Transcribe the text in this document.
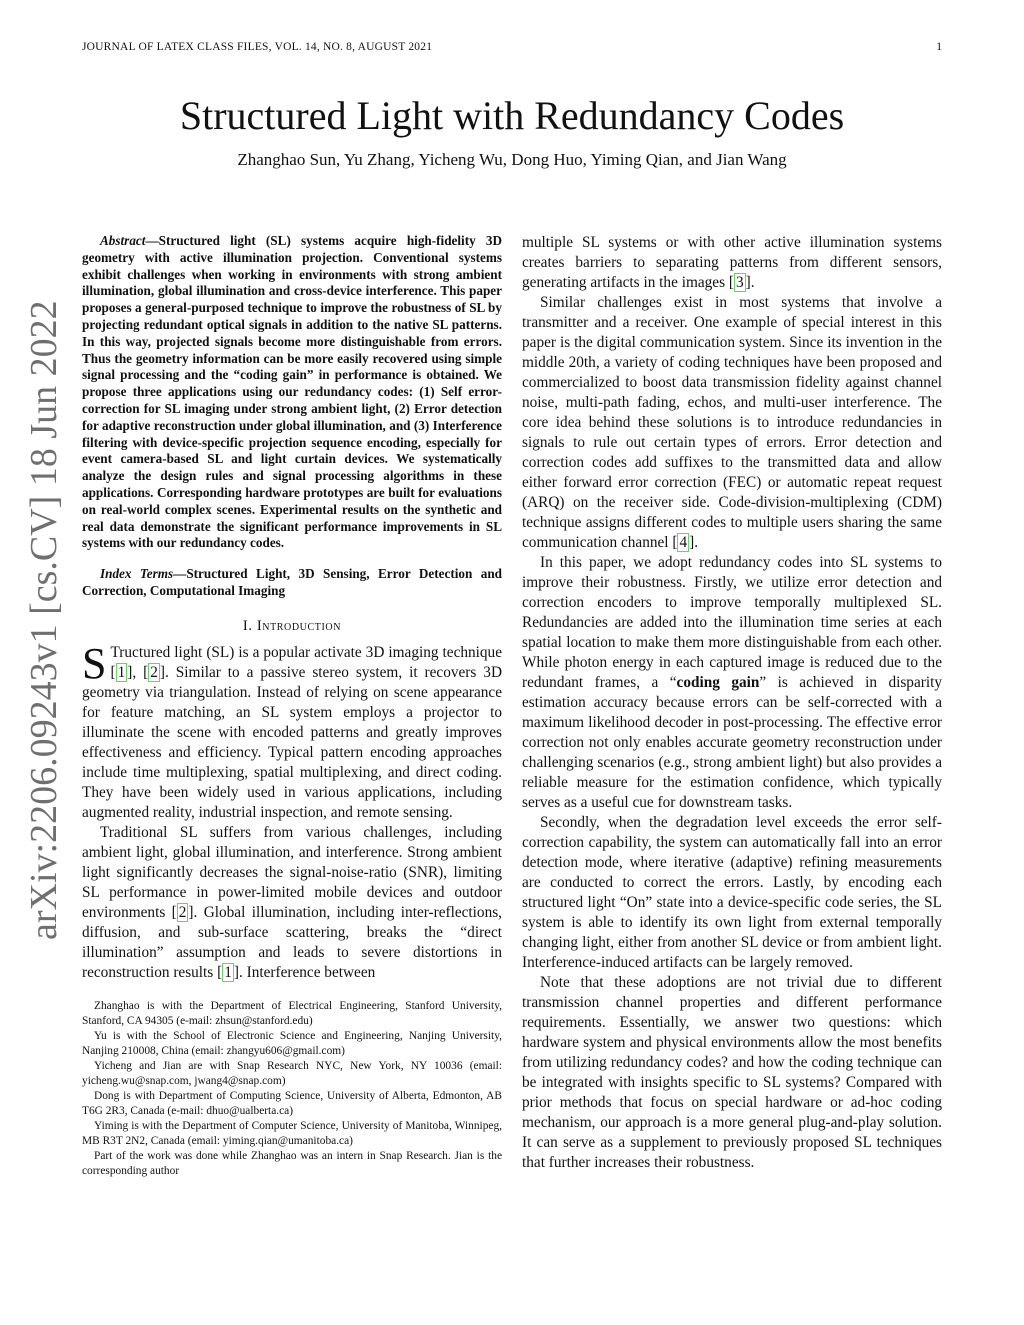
JOURNAL OF LATEX CLASS FILES, VOL. 14, NO. 8, AUGUST 2021	1
Structured Light with Redundancy Codes
Zhanghao Sun, Yu Zhang, Yicheng Wu, Dong Huo, Yiming Qian, and Jian Wang
arXiv:2206.09243v1 [cs.CV] 18 Jun 2022

Abstract—Structured light (SL) systems acquire high-fidelity 3D geometry with active illumination projection. Conventional systems exhibit challenges when working in environments with strong ambient illumination, global illumination and cross-device interference. This paper proposes a general-purposed technique to improve the robustness of SL by projecting redundant optical signals in addition to the native SL patterns. In this way, projected signals become more distinguishable from errors. Thus the geometry information can be more easily recovered using simple signal processing and the “coding gain” in performance is obtained. We propose three applications using our redundancy codes: (1) Self error-correction for SL imaging under strong ambient light, (2) Error detection for adaptive reconstruction under global illumination, and (3) Interference filtering with device-specific projection sequence encoding, especially for event camera-based SL and light curtain devices. We systematically analyze the design rules and signal processing algorithms in these applications. Corresponding hardware prototypes are built for evaluations on real-world complex scenes. Experimental results on the synthetic and real data demonstrate the significant performance improvements in SL systems with our redundancy codes.

Index Terms—Structured Light, 3D Sensing, Error Detection and Correction, Computational Imaging

I. Introduction

S Tructured light (SL) is a popular activate 3D imaging technique [ 1 ], [ 2 ]. Similar to a passive stereo system, it recovers 3D geometry via triangulation. Instead of relying on scene appearance for feature matching, an SL system employs a projector to illuminate the scene with encoded patterns and greatly improves effectiveness and efficiency. Typical pattern encoding approaches include time multiplexing, spatial multiplexing, and direct coding. They have been widely used in various applications, including augmented reality, industrial inspection, and remote sensing.

Traditional SL suffers from various challenges, including ambient light, global illumination, and interference. Strong ambient light significantly decreases the signal-noise-ratio (SNR), limiting SL performance in power-limited mobile devices and outdoor environments [ 2 ]. Global illumination, including inter-reflections, diffusion, and sub-surface scattering, breaks the “direct illumination” assumption and leads to severe distortions in reconstruction results [ 1 ]. Interference between

Zhanghao is with the Department of Electrical Engineering, Stanford University, Stanford, CA 94305 (e-mail: zhsun@stanford.edu)

Yu is with the School of Electronic Science and Engineering, Nanjing University, Nanjing 210008, China (email: zhangyu606@gmail.com)

Yicheng and Jian are with Snap Research NYC, New York, NY 10036 (email: yicheng.wu@snap.com, jwang4@snap.com)

Dong is with Department of Computing Science, University of Alberta, Edmonton, AB T6G 2R3, Canada (e-mail: dhuo@ualberta.ca)

Yiming is with the Department of Computer Science, University of Manitoba, Winnipeg, MB R3T 2N2, Canada (email: yiming.qian@umanitoba.ca)

Part of the work was done while Zhanghao was an intern in Snap Research. Jian is the corresponding author

multiple SL systems or with other active illumination systems creates barriers to separating patterns from different sensors, generating artifacts in the images [ 3 ].

Similar challenges exist in most systems that involve a transmitter and a receiver. One example of special interest in this paper is the digital communication system. Since its invention in the middle 20th, a variety of coding techniques have been proposed and commercialized to boost data transmission fidelity against channel noise, multi-path fading, echos, and multi-user interference. The core idea behind these solutions is to introduce redundancies in signals to rule out certain types of errors. Error detection and correction codes add suffixes to the transmitted data and allow either forward error correction (FEC) or automatic repeat request (ARQ) on the receiver side. Code-division-multiplexing (CDM) technique assigns different codes to multiple users sharing the same communication channel [ 4 ].

In this paper, we adopt redundancy codes into SL systems to improve their robustness. Firstly, we utilize error detection and correction encoders to improve temporally multiplexed SL. Redundancies are added into the illumination time series at each spatial location to make them more distinguishable from each other. While photon energy in each captured image is reduced due to the redundant frames, a “coding gain” is achieved in disparity estimation accuracy because errors can be self-corrected with a maximum likelihood decoder in post-processing. The effective error correction not only enables accurate geometry reconstruction under challenging scenarios (e.g., strong ambient light) but also provides a reliable measure for the estimation confidence, which typically serves as a useful cue for downstream tasks.

Secondly, when the degradation level exceeds the error self-correction capability, the system can automatically fall into an error detection mode, where iterative (adaptive) refining measurements are conducted to correct the errors. Lastly, by encoding each structured light “On” state into a device-specific code series, the SL system is able to identify its own light from external temporally changing light, either from another SL device or from ambient light. Interference-induced artifacts can be largely removed.

Note that these adoptions are not trivial due to different transmission channel properties and different performance requirements. Essentially, we answer two questions: which hardware system and physical environments allow the most benefits from utilizing redundancy codes? and how the coding technique can be integrated with insights specific to SL systems? Compared with prior methods that focus on special hardware or ad-hoc coding mechanism, our approach is a more general plug-and-play solution. It can serve as a supplement to previously proposed SL techniques that further increases their robustness.
